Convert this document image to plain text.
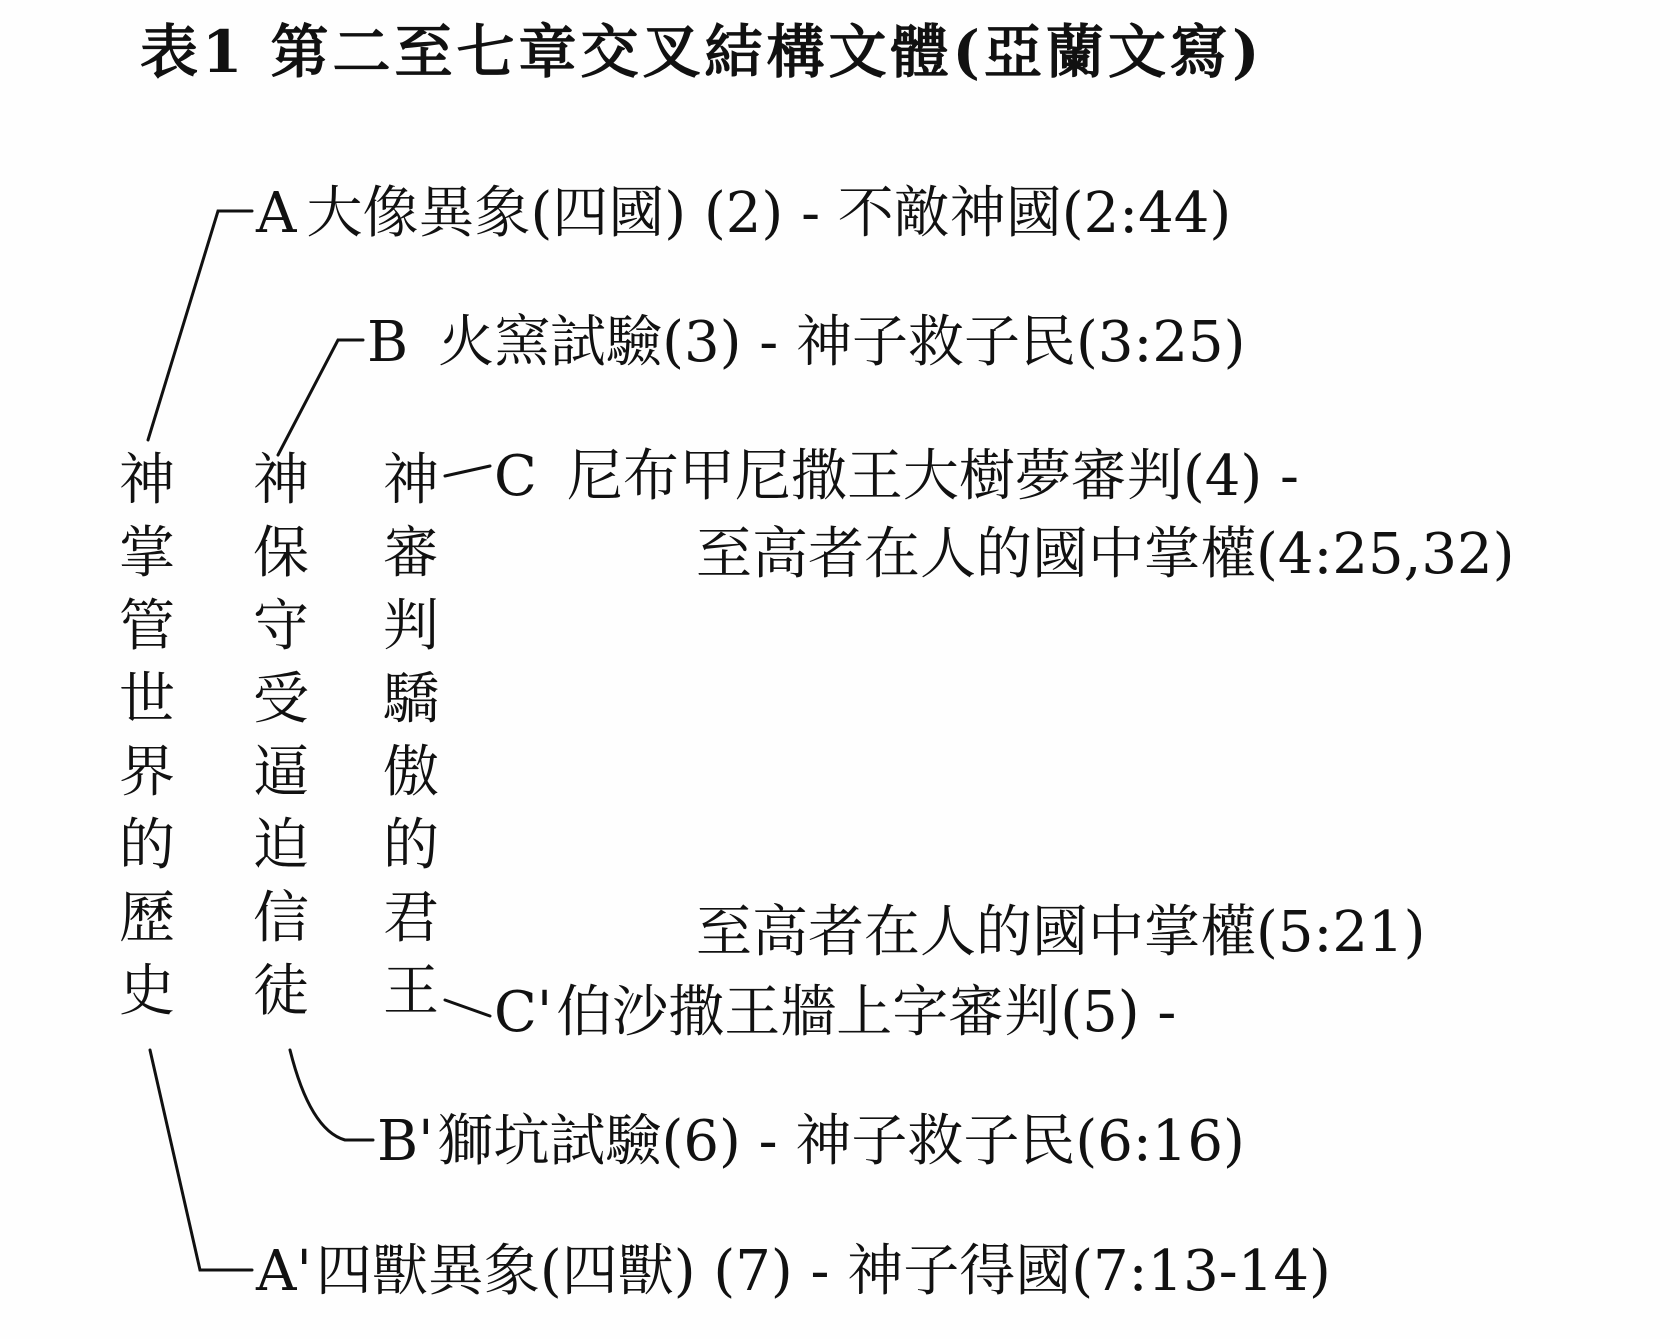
表1 第二至七章交叉結構文體(亞蘭文寫)
A 大像異象(四國) (2) - 不敵神國(2:44)
B 火窯試驗(3) - 神子救子民(3:25)
C 尼布甲尼撒王大樹夢審判(4) -
至高者在人的國中掌權(4:25,32)
至高者在人的國中掌權(5:21)
C'伯沙撒王牆上字審判(5) -
B'獅坑試驗(6) - 神子救子民(6:16)
A'四獸異象(四獸) (7) - 神子得國(7:13-14)
神
掌
管
世
界
的
歷
史
神
保
守
受
逼
迫
信
徒
神
審
判
驕
傲
的
君
王
